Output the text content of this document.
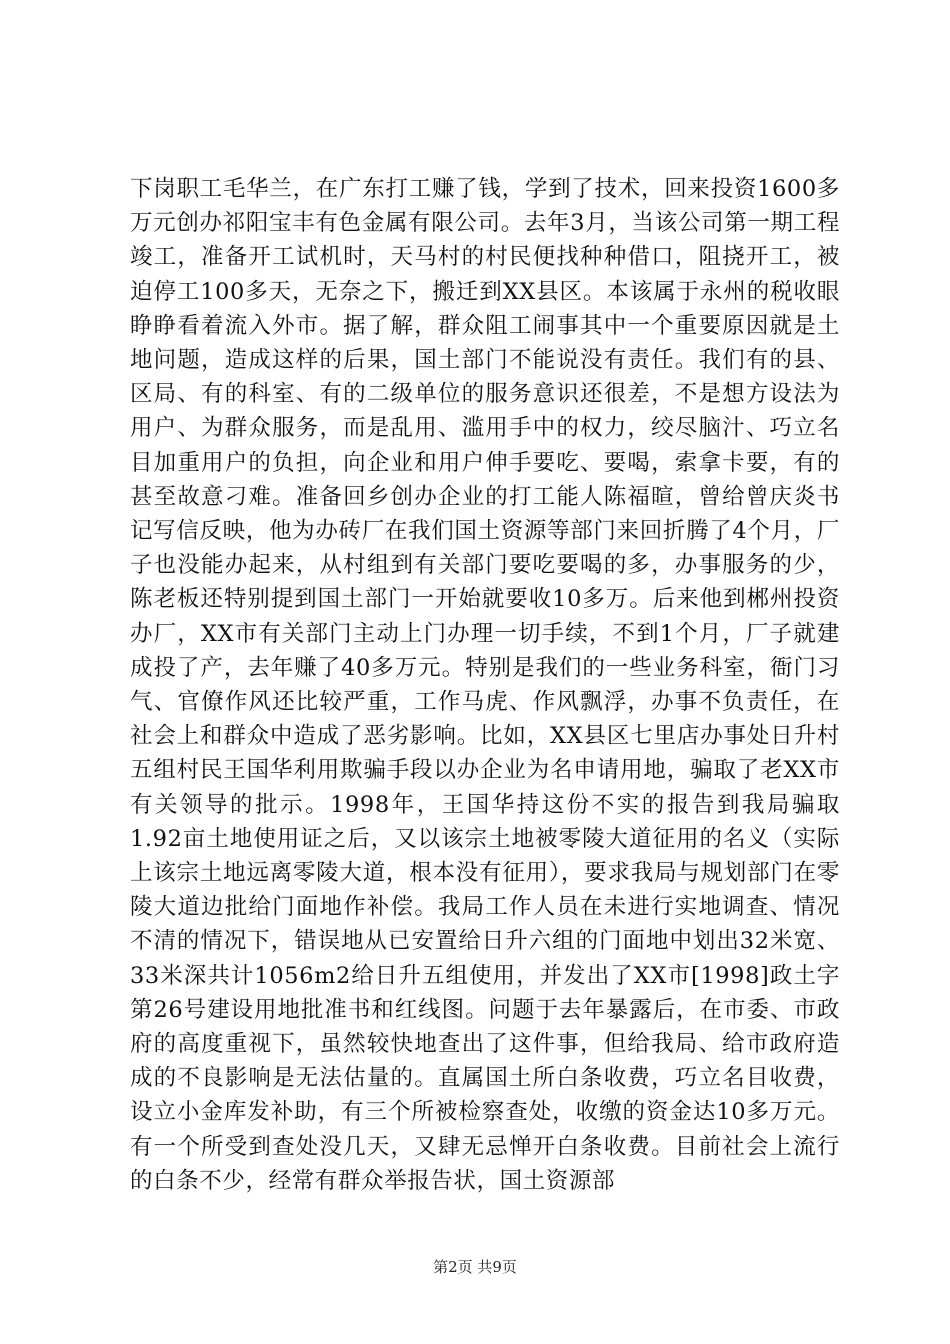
下岗职工毛华兰，在广东打工赚了钱，学到了技术，回来投资1600多万元创办祁阳宝丰有色金属有限公司。去年3月，当该公司第一期工程竣工，准备开工试机时，天马村的村民便找种种借口，阻挠开工，被迫停工100多天，无奈之下，搬迁到XX县区。本该属于永州的税收眼睁睁看着流入外市。据了解，群众阻工闹事其中一个重要原因就是土地问题，造成这样的后果，国土部门不能说没有责任。我们有的县、区局、有的科室、有的二级单位的服务意识还很差，不是想方设法为用户、为群众服务，而是乱用、滥用手中的权力，绞尽脑汁、巧立名目加重用户的负担，向企业和用户伸手要吃、要喝，索拿卡要，有的甚至故意刁难。准备回乡创办企业的打工能人陈福暄，曾给曾庆炎书记写信反映，他为办砖厂在我们国土资源等部门来回折腾了4个月，厂子也没能办起来，从村组到有关部门要吃要喝的多，办事服务的少，陈老板还特别提到国土部门一开始就要收10多万。后来他到郴州投资办厂，XX市有关部门主动上门办理一切手续，不到1个月，厂子就建成投了产，去年赚了40多万元。特别是我们的一些业务科室，衙门习气、官僚作风还比较严重，工作马虎、作风飘浮，办事不负责任，在社会上和群众中造成了恶劣影响。比如，XX县区七里店办事处日升村五组村民王国华利用欺骗手段以办企业为名申请用地，骗取了老XX市有关领导的批示。1998年，王国华持这份不实的报告到我局骗取1.92亩土地使用证之后，又以该宗土地被零陵大道征用的名义（实际上该宗土地远离零陵大道，根本没有征用），要求我局与规划部门在零陵大道边批给门面地作补偿。我局工作人员在未进行实地调查、情况不清的情况下，错误地从已安置给日升六组的门面地中划出32米宽、33米深共计1056m2给日升五组使用，并发出了XX市[1998]政土字第26号建设用地批准书和红线图。问题于去年暴露后，在市委、市政府的高度重视下，虽然较快地查出了这件事，但给我局、给市政府造成的不良影响是无法估量的。直属国土所白条收费，巧立名目收费，设立小金库发补助，有三个所被检察查处，收缴的资金达10多万元。有一个所受到查处没几天，又肆无忌惮开白条收费。目前社会上流行的白条不少，经常有群众举报告状，国土资源部

第2页 共9页
